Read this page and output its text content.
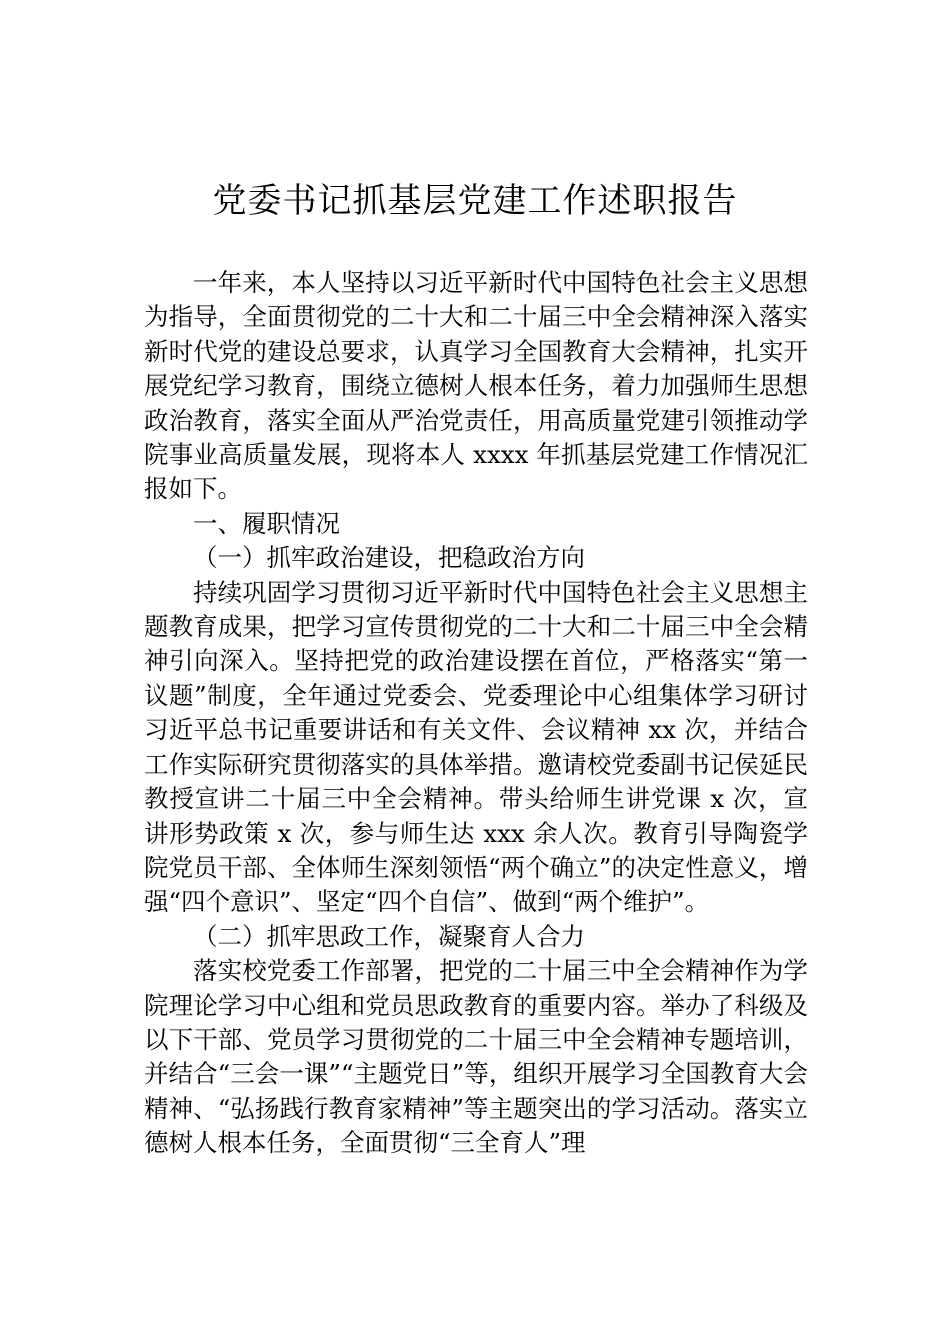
党委书记抓基层党建工作述职报告

一年来，本人坚持以习近平新时代中国特色社会主义思想为指导，全面贯彻党的二十大和二十届三中全会精神深入落实新时代党的建设总要求，认真学习全国教育大会精神，扎实开展党纪学习教育，围绕立德树人根本任务，着力加强师生思想政治教育，落实全面从严治党责任，用高质量党建引领推动学院事业高质量发展，现将本人 xxxx 年抓基层党建工作情况汇报如下。

一、履职情况

（一）抓牢政治建设，把稳政治方向

持续巩固学习贯彻习近平新时代中国特色社会主义思想主题教育成果，把学习宣传贯彻党的二十大和二十届三中全会精神引向深入。坚持把党的政治建设摆在首位，严格落实“第一议题”制度，全年通过党委会、党委理论中心组集体学习研讨习近平总书记重要讲话和有关文件、会议精神 xx 次，并结合工作实际研究贯彻落实的具体举措。邀请校党委副书记侯延民教授宣讲二十届三中全会精神。带头给师生讲党课 x 次，宣讲形势政策 x 次，参与师生达 xxx 余人次。教育引导陶瓷学院党员干部、全体师生深刻领悟“两个确立”的决定性意义，增强“四个意识”、坚定“四个自信”、做到“两个维护”。

（二）抓牢思政工作，凝聚育人合力

落实校党委工作部署，把党的二十届三中全会精神作为学院理论学习中心组和党员思政教育的重要内容。举办了科级及以下干部、党员学习贯彻党的二十届三中全会精神专题培训，并结合“三会一课”“主题党日”等，组织开展学习全国教育大会精神、“弘扬践行教育家精神”等主题突出的学习活动。落实立德树人根本任务，全面贯彻“三全育人”理
